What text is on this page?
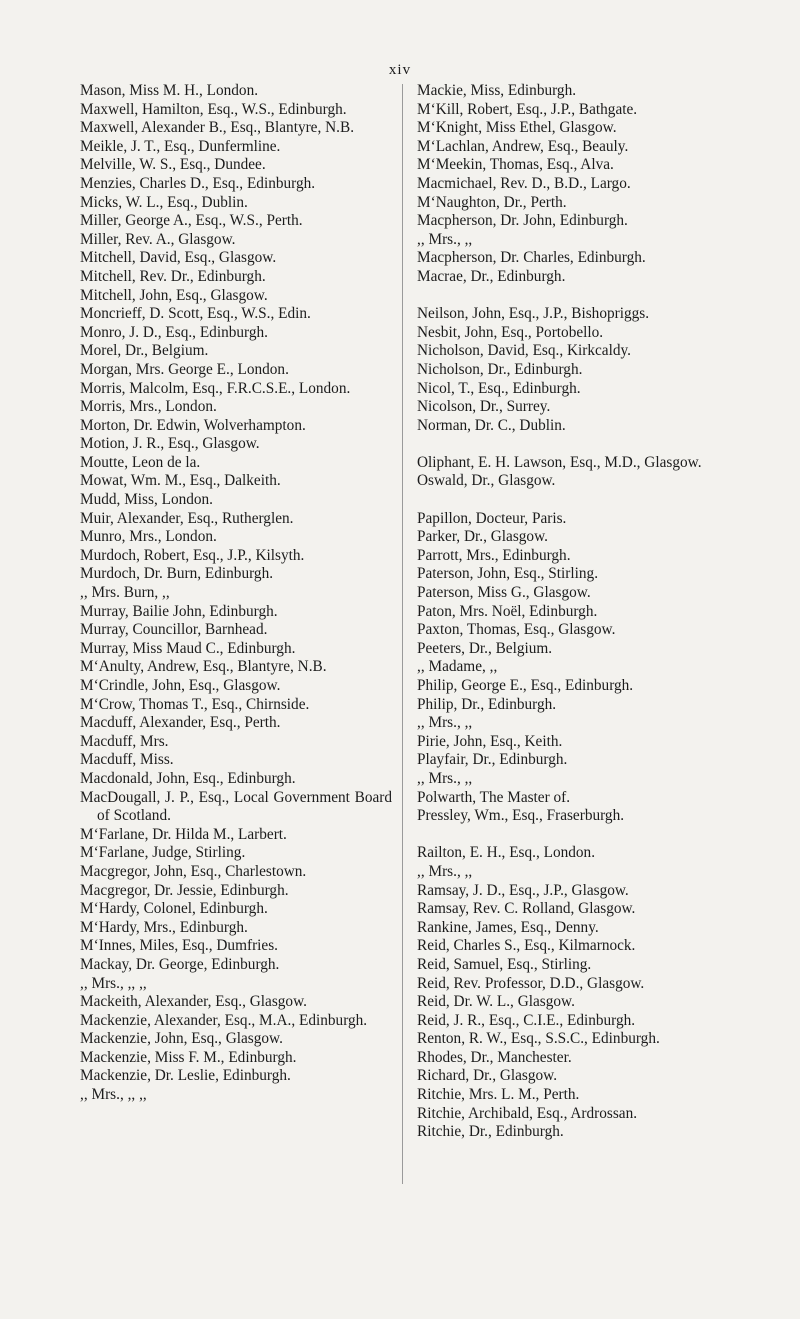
xiv
Mason, Miss M. H., London.
Maxwell, Hamilton, Esq., W.S., Edinburgh.
Maxwell, Alexander B., Esq., Blantyre, N.B.
Meikle, J. T., Esq., Dunfermline.
Melville, W. S., Esq., Dundee.
Menzies, Charles D., Esq., Edinburgh.
Micks, W. L., Esq., Dublin.
Miller, George A., Esq., W.S., Perth.
Miller, Rev. A., Glasgow.
Mitchell, David, Esq., Glasgow.
Mitchell, Rev. Dr., Edinburgh.
Mitchell, John, Esq., Glasgow.
Moncrieff, D. Scott, Esq., W.S., Edin.
Monro, J. D., Esq., Edinburgh.
Morel, Dr., Belgium.
Morgan, Mrs. George E., London.
Morris, Malcolm, Esq., F.R.C.S.E., London.
Morris, Mrs., London.
Morton, Dr. Edwin, Wolverhampton.
Motion, J. R., Esq., Glasgow.
Moutte, Leon de la.
Mowat, Wm. M., Esq., Dalkeith.
Mudd, Miss, London.
Muir, Alexander, Esq., Rutherglen.
Munro, Mrs., London.
Murdoch, Robert, Esq., J.P., Kilsyth.
Murdoch, Dr. Burn, Edinburgh.
,, Mrs. Burn, ,,
Murray, Bailie John, Edinburgh.
Murray, Councillor, Barnhead.
Murray, Miss Maud C., Edinburgh.
M‘Anulty, Andrew, Esq., Blantyre, N.B.
M‘Crindle, John, Esq., Glasgow.
M‘Crow, Thomas T., Esq., Chirnside.
Macduff, Alexander, Esq., Perth.
Macduff, Mrs.
Macduff, Miss.
Macdonald, John, Esq., Edinburgh.
MacDougall, J. P., Esq., Local Government Board of Scotland.
M‘Farlane, Dr. Hilda M., Larbert.
M‘Farlane, Judge, Stirling.
Macgregor, John, Esq., Charlestown.
Macgregor, Dr. Jessie, Edinburgh.
M‘Hardy, Colonel, Edinburgh.
M‘Hardy, Mrs., Edinburgh.
M‘Innes, Miles, Esq., Dumfries.
Mackay, Dr. George, Edinburgh.
,, Mrs., ,, ,,
Mackeith, Alexander, Esq., Glasgow.
Mackenzie, Alexander, Esq., M.A., Edinburgh.
Mackenzie, John, Esq., Glasgow.
Mackenzie, Miss F. M., Edinburgh.
Mackenzie, Dr. Leslie, Edinburgh.
,, Mrs., ,, ,,
Mackie, Miss, Edinburgh.
M‘Kill, Robert, Esq., J.P., Bathgate.
M‘Knight, Miss Ethel, Glasgow.
M‘Lachlan, Andrew, Esq., Beauly.
M‘Meekin, Thomas, Esq., Alva.
Macmichael, Rev. D., B.D., Largo.
M‘Naughton, Dr., Perth.
Macpherson, Dr. John, Edinburgh.
,, Mrs., ,,
Macpherson, Dr. Charles, Edinburgh.
Macrae, Dr., Edinburgh.
Neilson, John, Esq., J.P., Bishopriggs.
Nesbit, John, Esq., Portobello.
Nicholson, David, Esq., Kirkcaldy.
Nicholson, Dr., Edinburgh.
Nicol, T., Esq., Edinburgh.
Nicolson, Dr., Surrey.
Norman, Dr. C., Dublin.
Oliphant, E. H. Lawson, Esq., M.D., Glasgow.
Oswald, Dr., Glasgow.
Papillon, Docteur, Paris.
Parker, Dr., Glasgow.
Parrott, Mrs., Edinburgh.
Paterson, John, Esq., Stirling.
Paterson, Miss G., Glasgow.
Paton, Mrs. Noël, Edinburgh.
Paxton, Thomas, Esq., Glasgow.
Peeters, Dr., Belgium.
,, Madame, ,,
Philip, George E., Esq., Edinburgh.
Philip, Dr., Edinburgh.
,, Mrs., ,,
Pirie, John, Esq., Keith.
Playfair, Dr., Edinburgh.
,, Mrs., ,,
Polwarth, The Master of.
Pressley, Wm., Esq., Fraserburgh.
Railton, E. H., Esq., London.
,, Mrs., ,,
Ramsay, J. D., Esq., J.P., Glasgow.
Ramsay, Rev. C. Rolland, Glasgow.
Rankine, James, Esq., Denny.
Reid, Charles S., Esq., Kilmarnock.
Reid, Samuel, Esq., Stirling.
Reid, Rev. Professor, D.D., Glasgow.
Reid, Dr. W. L., Glasgow.
Reid, J. R., Esq., C.I.E., Edinburgh.
Renton, R. W., Esq., S.S.C., Edinburgh.
Rhodes, Dr., Manchester.
Richard, Dr., Glasgow.
Ritchie, Mrs. L. M., Perth.
Ritchie, Archibald, Esq., Ardrossan.
Ritchie, Dr., Edinburgh.
